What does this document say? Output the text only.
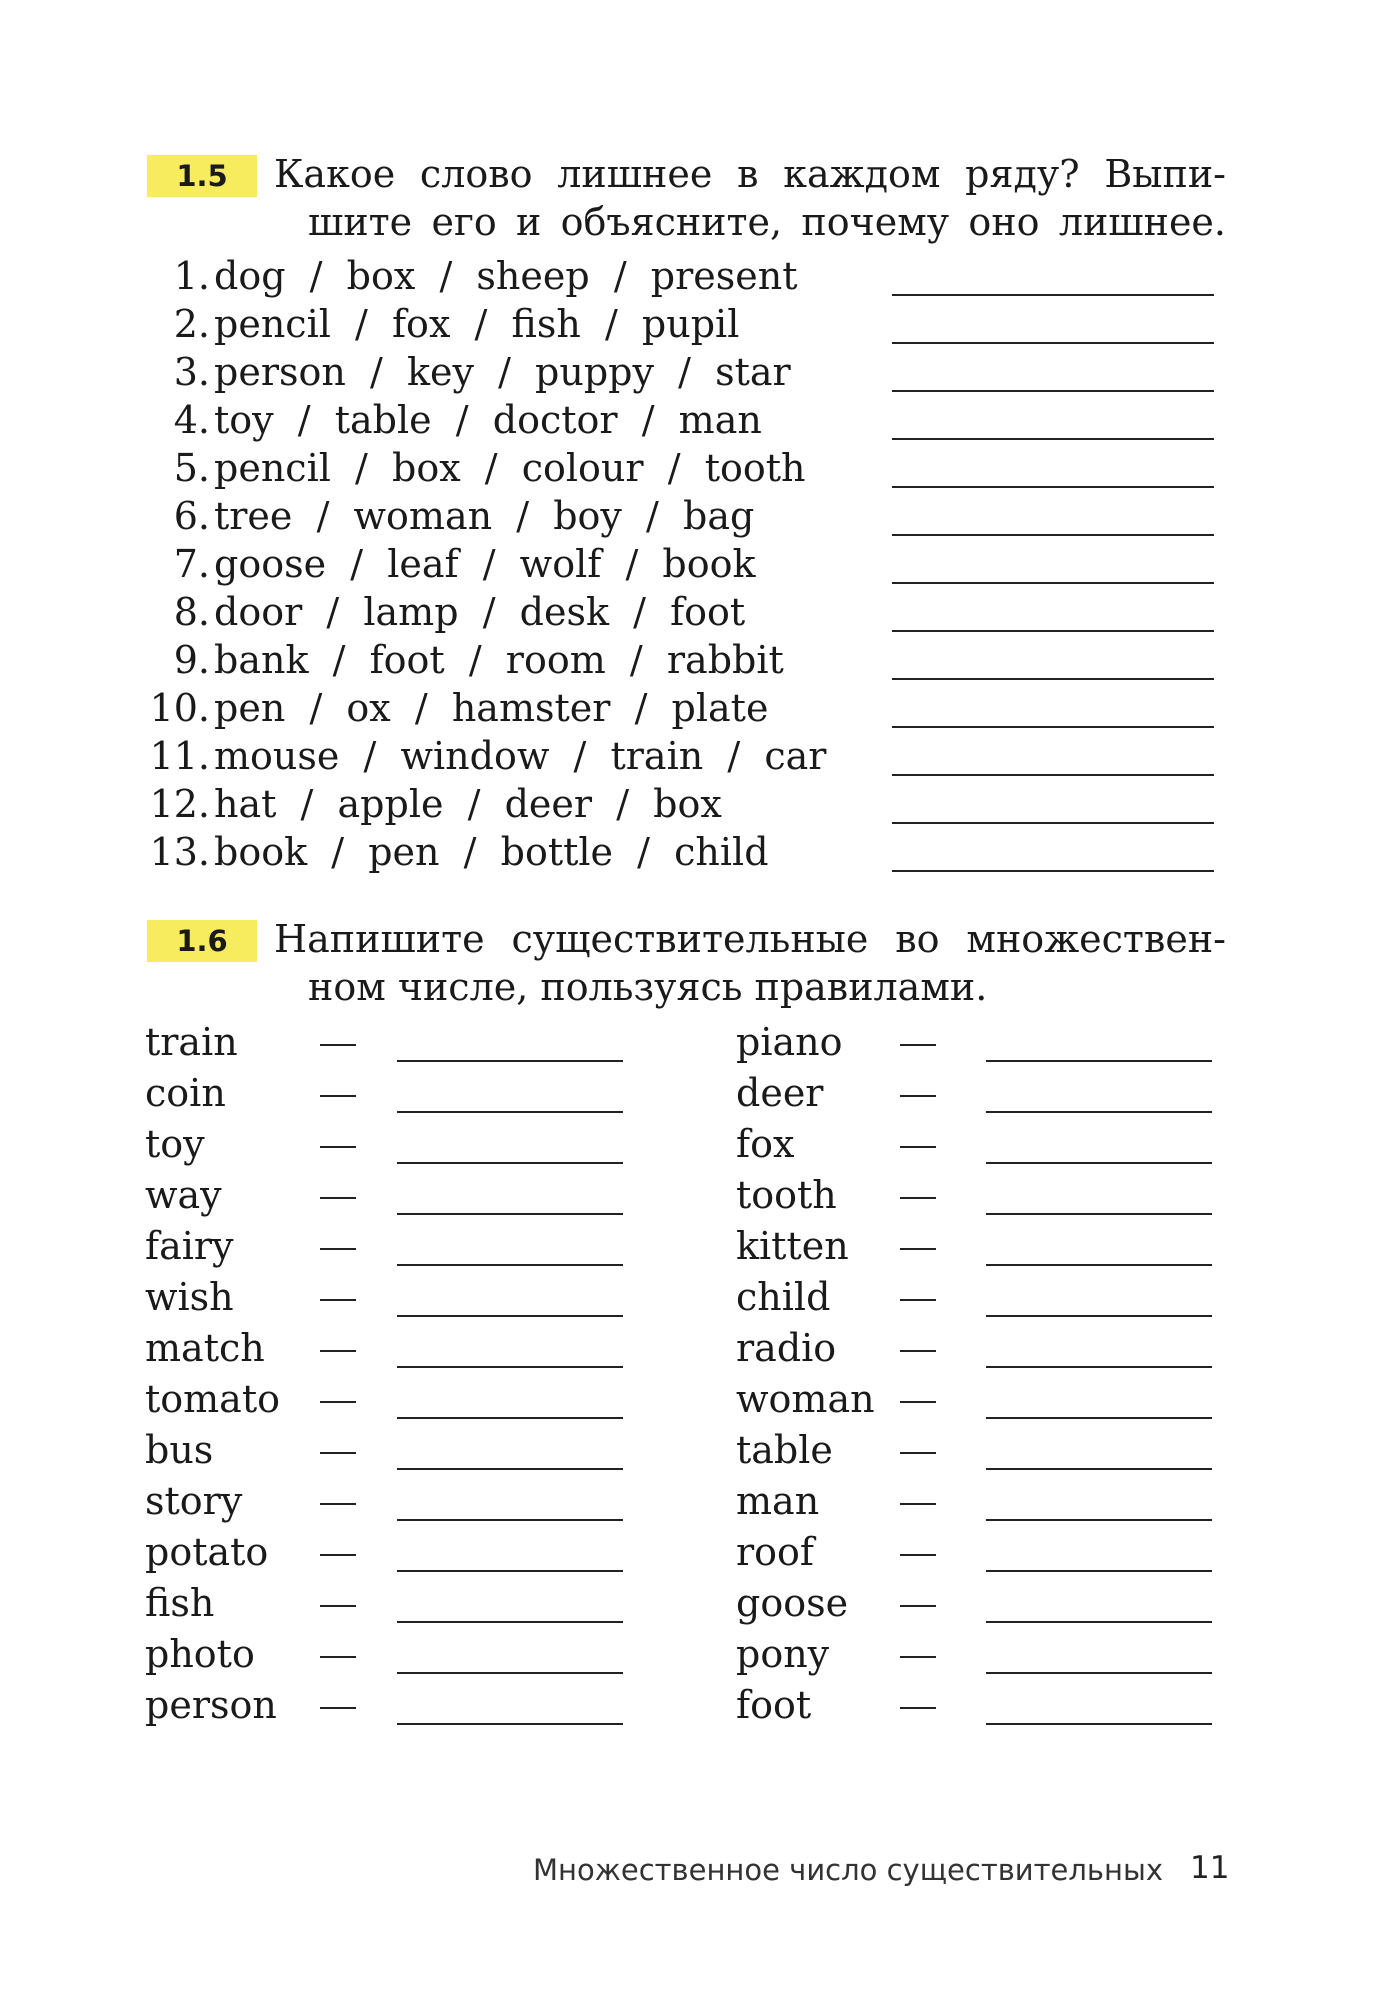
1.5	Какое слово лишнее в каждом ряду? Выпи-
шите его и объясните, почему оно лишнее.
1. dog  /  box  /  sheep  /  present
2. pencil  /  fox  /  fish  /  pupil
3. person  /  key  /  puppy  /  star
4. toy  /  table  /  doctor  /  man
5. pencil  /  box  /  colour  /  tooth
6. tree  /  woman  /  boy  /  bag
7. goose  /  leaf  /  wolf  /  book
8. door  /  lamp  /  desk  /  foot
9. bank  /  foot  /  room  /  rabbit
10. pen  /  ox  /  hamster  /  plate
11. mouse  /  window  /  train  /  car
12. hat  /  apple  /  deer  /  box
13. book  /  pen  /  bottle  /  child
1.6	Напишите существительные во множествен-
ном числе, пользуясь правилами.
train
coin
toy
way
fairy
wish
match
tomato
bus
story
potato
fish
photo
person
piano
deer
fox
tooth
kitten
child
radio
woman
table
man
roof
goose
pony
foot
Множественное число существительных 11
